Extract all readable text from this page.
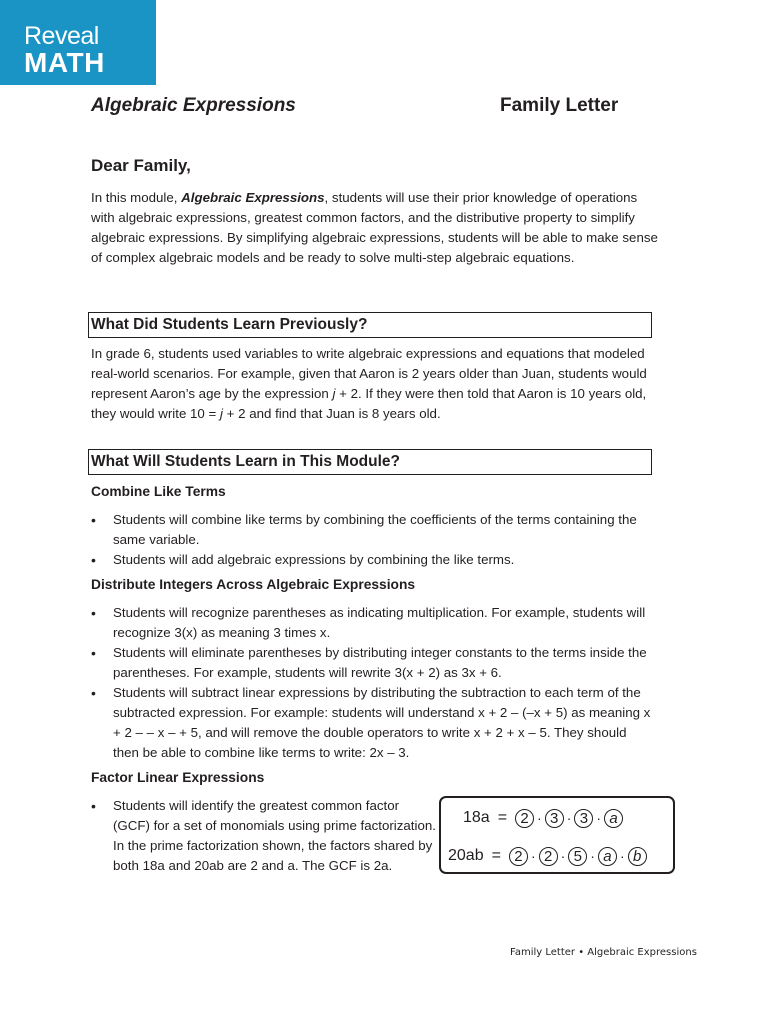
Reveal
MATH
Algebraic Expressions	Family Letter
Dear Family,
In this module, Algebraic Expressions, students will use their prior knowledge of operations with algebraic expressions, greatest common factors, and the distributive property to simplify algebraic expressions. By simplifying algebraic expressions, students will be able to make sense of complex algebraic models and be ready to solve multi-step algebraic equations.
What Did Students Learn Previously?
In grade 6, students used variables to write algebraic expressions and equations that modeled real-world scenarios. For example, given that Aaron is 2 years older than Juan, students would represent Aaron’s age by the expression j + 2. If they were then told that Aaron is 10 years old, they would write 10 = j + 2 and find that Juan is 8 years old.
What Will Students Learn in This Module?
Combine Like Terms
• Students will combine like terms by combining the coefficients of the terms containing the same variable.
• Students will add algebraic expressions by combining the like terms.
Distribute Integers Across Algebraic Expressions
• Students will recognize parentheses as indicating multiplication. For example, students will recognize 3(x) as meaning 3 times x.
• Students will eliminate parentheses by distributing integer constants to the terms inside the parentheses. For example, students will rewrite 3(x + 2) as 3x + 6.
• Students will subtract linear expressions by distributing the subtraction to each term of the subtracted expression. For example: students will understand x + 2 – (–x + 5) as meaning x + 2 – – x – + 5, and will remove the double operators to write x + 2 + x – 5. They should then be able to combine like terms to write: 2x – 3.
Factor Linear Expressions
• Students will identify the greatest common factor (GCF) for a set of monomials using prime factorization. In the prime factorization shown, the factors shared by both 18a and 20ab are 2 and a. The GCF is 2a.
18a = 2 · 3 · 3 · a
20ab = 2 · 2 · 5 · a · b
Family Letter • Algebraic Expressions
